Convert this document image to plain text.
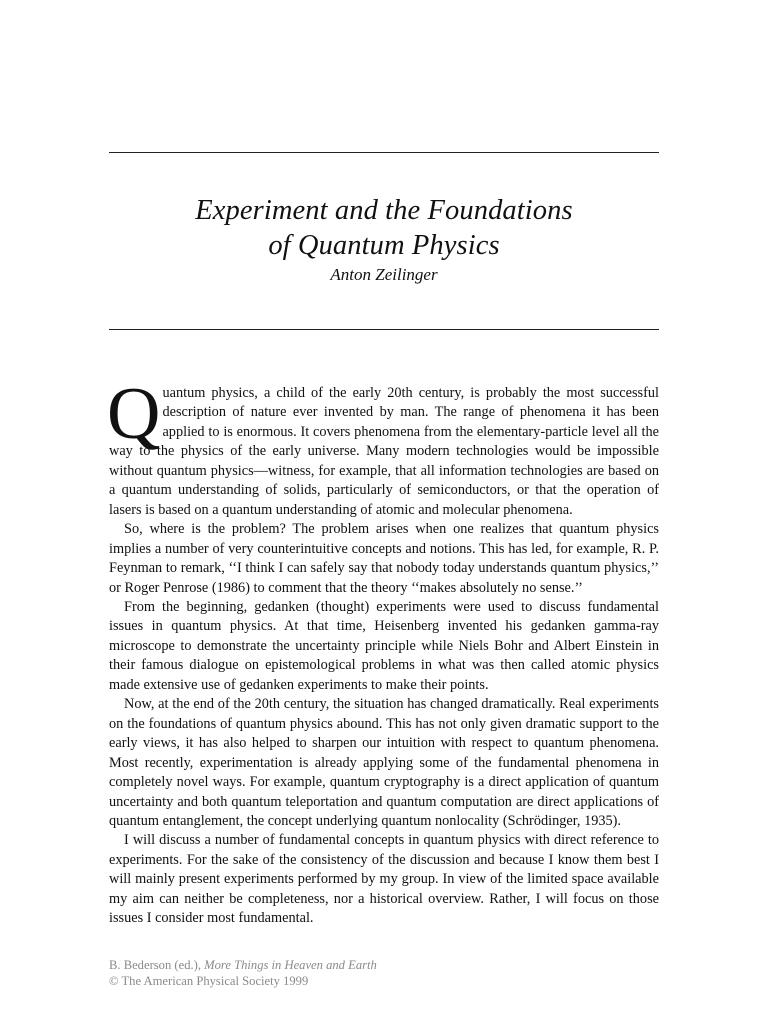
Experiment and the Foundations
of Quantum Physics
Anton Zeilinger

Quantum physics, a child of the early 20th century, is probably the most successful description of nature ever invented by man. The range of phenomena it has been applied to is enormous. It covers phenomena from the elementary-particle level all the way to the physics of the early universe. Many modern technologies would be impossible without quantum physics—witness, for example, that all information technologies are based on a quantum understanding of solids, particularly of semiconductors, or that the operation of lasers is based on a quantum understanding of atomic and molecular phenomena.

So, where is the problem? The problem arises when one realizes that quantum physics implies a number of very counterintuitive concepts and notions. This has led, for example, R. P. Feynman to remark, ‘‘I think I can safely say that nobody today understands quantum physics,’’ or Roger Penrose (1986) to comment that the theory ‘‘makes absolutely no sense.’’

From the beginning, gedanken (thought) experiments were used to discuss fundamental issues in quantum physics. At that time, Heisenberg invented his gedanken gamma-ray microscope to demonstrate the uncertainty principle while Niels Bohr and Albert Einstein in their famous dialogue on epistemological problems in what was then called atomic physics made extensive use of gedanken experiments to make their points.

Now, at the end of the 20th century, the situation has changed dramatically. Real experiments on the foundations of quantum physics abound. This has not only given dramatic support to the early views, it has also helped to sharpen our intuition with respect to quantum phenomena. Most recently, experimentation is already applying some of the fundamental phenomena in completely novel ways. For example, quantum cryptography is a direct application of quantum uncertainty and both quantum teleportation and quantum computation are direct applications of quantum entanglement, the concept underlying quantum nonlocality (Schrödinger, 1935).

I will discuss a number of fundamental concepts in quantum physics with direct reference to experiments. For the sake of the consistency of the discussion and because I know them best I will mainly present experiments performed by my group. In view of the limited space available my aim can neither be completeness, nor a historical overview. Rather, I will focus on those issues I consider most fundamental.

B. Bederson (ed.), More Things in Heaven and Earth
© The American Physical Society 1999
